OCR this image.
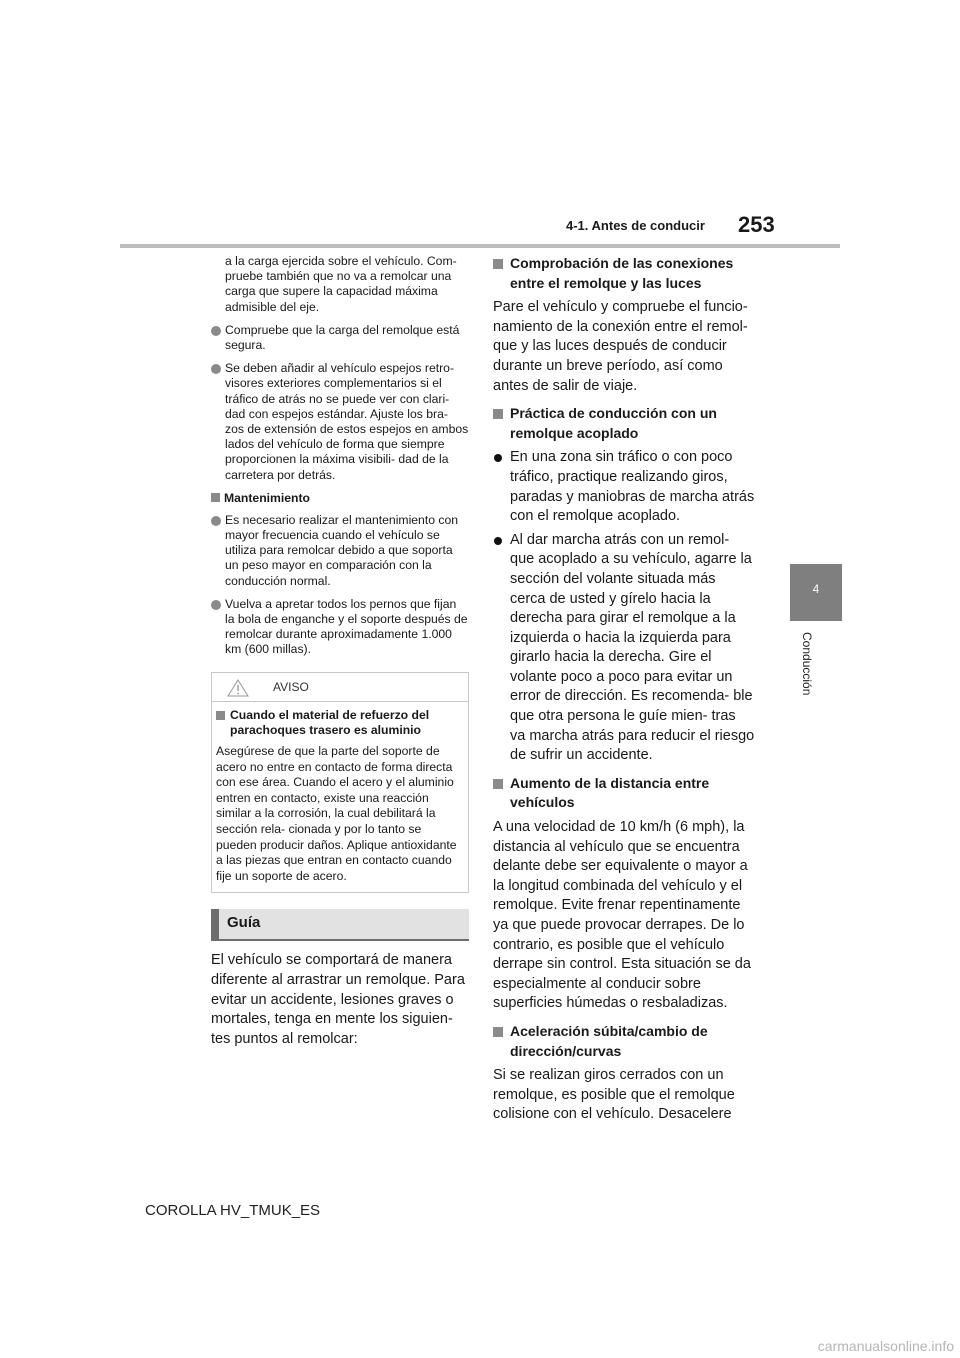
4-1. Antes de conducir 253
4
Conducción

a la carga ejercida sobre el vehículo. Com- pruebe también que no va a remolcar una carga que supere la capacidad máxima admisible del eje.

Compruebe que la carga del remolque está segura.
Se deben añadir al vehículo espejos retro- visores exteriores complementarios si el tráfico de atrás no se puede ver con clari- dad con espejos estándar. Ajuste los bra- zos de extensión de estos espejos en ambos lados del vehículo de forma que siempre proporcionen la máxima visibili- dad de la carretera por detrás.
Mantenimiento
Es necesario realizar el mantenimiento con mayor frecuencia cuando el vehículo se utiliza para remolcar debido a que soporta un peso mayor en comparación con la conducción normal.
Vuelva a apretar todos los pernos que fijan la bola de enganche y el soporte después de remolcar durante aproximadamente 1.000 km (600 millas).
AVISO
Cuando el material de refuerzo del parachoques trasero es aluminio

Asegúrese de que la parte del soporte de acero no entre en contacto de forma directa con ese área. Cuando el acero y el aluminio entren en contacto, existe una reacción similar a la corrosión, la cual debilitará la sección rela- cionada y por lo tanto se pueden producir daños. Aplique antioxidante a las piezas que entran en contacto cuando fije un soporte de acero.

Guía

El vehículo se comportará de manera diferente al arrastrar un remolque. Para evitar un accidente, lesiones graves o mortales, tenga en mente los siguien- tes puntos al remolcar:

Comprobación de las conexiones entre el remolque y las luces

Pare el vehículo y compruebe el funcio- namiento de la conexión entre el remol- que y las luces después de conducir durante un breve período, así como antes de salir de viaje.

Práctica de conducción con un remolque acoplado
En una zona sin tráfico o con poco tráfico, practique realizando giros, paradas y maniobras de marcha atrás con el remolque acoplado.
Al dar marcha atrás con un remol- que acoplado a su vehículo, agarre la sección del volante situada más cerca de usted y gírelo hacia la derecha para girar el remolque a la izquierda o hacia la izquierda para girarlo hacia la derecha. Gire el volante poco a poco para evitar un error de dirección. Es recomenda- ble que otra persona le guíe mien- tras va marcha atrás para reducir el riesgo de sufrir un accidente.
Aumento de la distancia entre vehículos

A una velocidad de 10 km/h (6 mph), la distancia al vehículo que se encuentra delante debe ser equivalente o mayor a la longitud combinada del vehículo y el remolque. Evite frenar repentinamente ya que puede provocar derrapes. De lo contrario, es posible que el vehículo derrape sin control. Esta situación se da especialmente al conducir sobre superficies húmedas o resbaladizas.

Aceleración súbita/cambio de dirección/curvas

Si se realizan giros cerrados con un remolque, es posible que el remolque colisione con el vehículo. Desacelere

COROLLA HV_TMUK_ES
carmanualsonline.info
